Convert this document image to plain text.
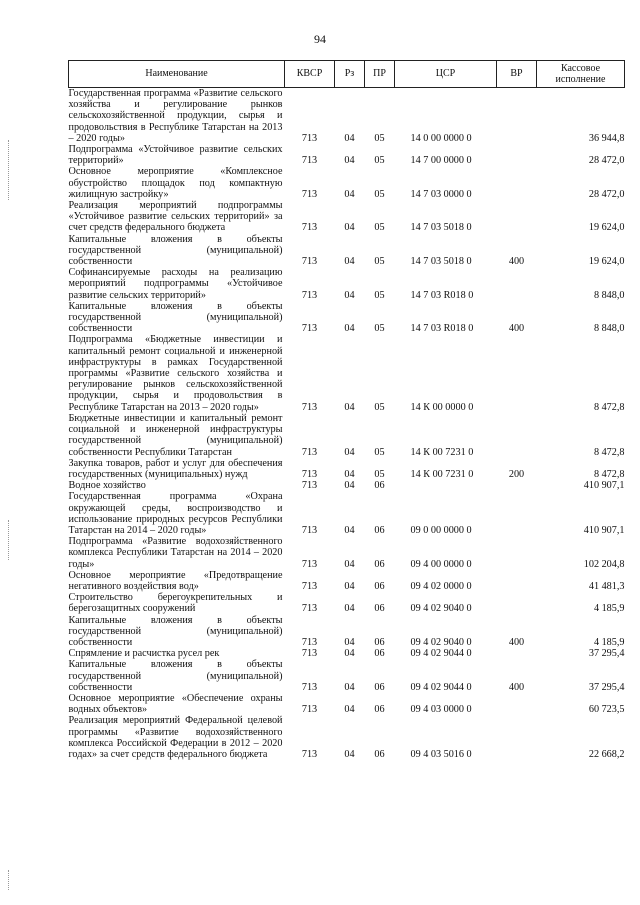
94
Наименование	КВСР	Рз	ПР	ЦСР	ВР	Кассовое исполнение
Государственная программа «Развитие сельского хозяйства и регулирование рынков сельскохозяйственной продукции, сырья и продовольствия в Республике Татарстан на 2013 – 2020 годы»	713	04	05	14 0 00 0000 0		36 944,8
Подпрограмма «Устойчивое развитие сельских территорий»	713	04	05	14 7 00 0000 0		28 472,0
Основное мероприятие «Комплексное обустройство площадок под компактную жилищную застройку»	713	04	05	14 7 03 0000 0		28 472,0
Реализация мероприятий подпрограммы «Устойчивое развитие сельских территорий» за счет средств федерального бюджета	713	04	05	14 7 03 5018 0		19 624,0
Капитальные вложения в объекты государственной (муниципальной) собственности	713	04	05	14 7 03 5018 0	400	19 624,0
Софинансируемые расходы на реализацию мероприятий подпрограммы «Устойчивое развитие сельских территорий»	713	04	05	14 7 03 R018 0		8 848,0
Капитальные вложения в объекты государственной (муниципальной) собственности	713	04	05	14 7 03 R018 0	400	8 848,0
Подпрограмма «Бюджетные инвестиции и капитальный ремонт социальной и инженерной инфраструктуры в рамках Государственной программы «Развитие сельского хозяйства и регулирование рынков сельскохозяйственной продукции, сырья и продовольствия в Республике Татарстан на 2013 – 2020 годы»	713	04	05	14 К 00 0000 0		8 472,8
Бюджетные инвестиции и капитальный ремонт социальной и инженерной инфраструктуры государственной (муниципальной) собственности Республики Татарстан	713	04	05	14 К 00 7231 0		8 472,8
Закупка товаров, работ и услуг для обеспечения государственных (муниципальных) нужд	713	04	05	14 К 00 7231 0	200	8 472,8
Водное хозяйство	713	04	06			410 907,1
Государственная программа «Охрана окружающей среды, воспроизводство и использование природных ресурсов Республики Татарстан на 2014 – 2020 годы»	713	04	06	09 0 00 0000 0		410 907,1
Подпрограмма «Развитие водохозяйственного комплекса Республики Татарстан на 2014 – 2020 годы»	713	04	06	09 4 00 0000 0		102 204,8
Основное мероприятие «Предотвращение негативного воздействия вод»	713	04	06	09 4 02 0000 0		41 481,3
Строительство берегоукрепительных и берегозащитных сооружений	713	04	06	09 4 02 9040 0		4 185,9
Капитальные вложения в объекты государственной (муниципальной) собственности	713	04	06	09 4 02 9040 0	400	4 185,9
Спрямление и расчистка русел рек	713	04	06	09 4 02 9044 0		37 295,4
Капитальные вложения в объекты государственной (муниципальной) собственности	713	04	06	09 4 02 9044 0	400	37 295,4
Основное мероприятие «Обеспечение охраны водных объектов»	713	04	06	09 4 03 0000 0		60 723,5
Реализация мероприятий Федеральной целевой программы «Развитие водохозяйственного комплекса Российской Федерации в 2012 – 2020 годах» за счет средств федерального бюджета	713	04	06	09 4 03 5016 0		22 668,2
